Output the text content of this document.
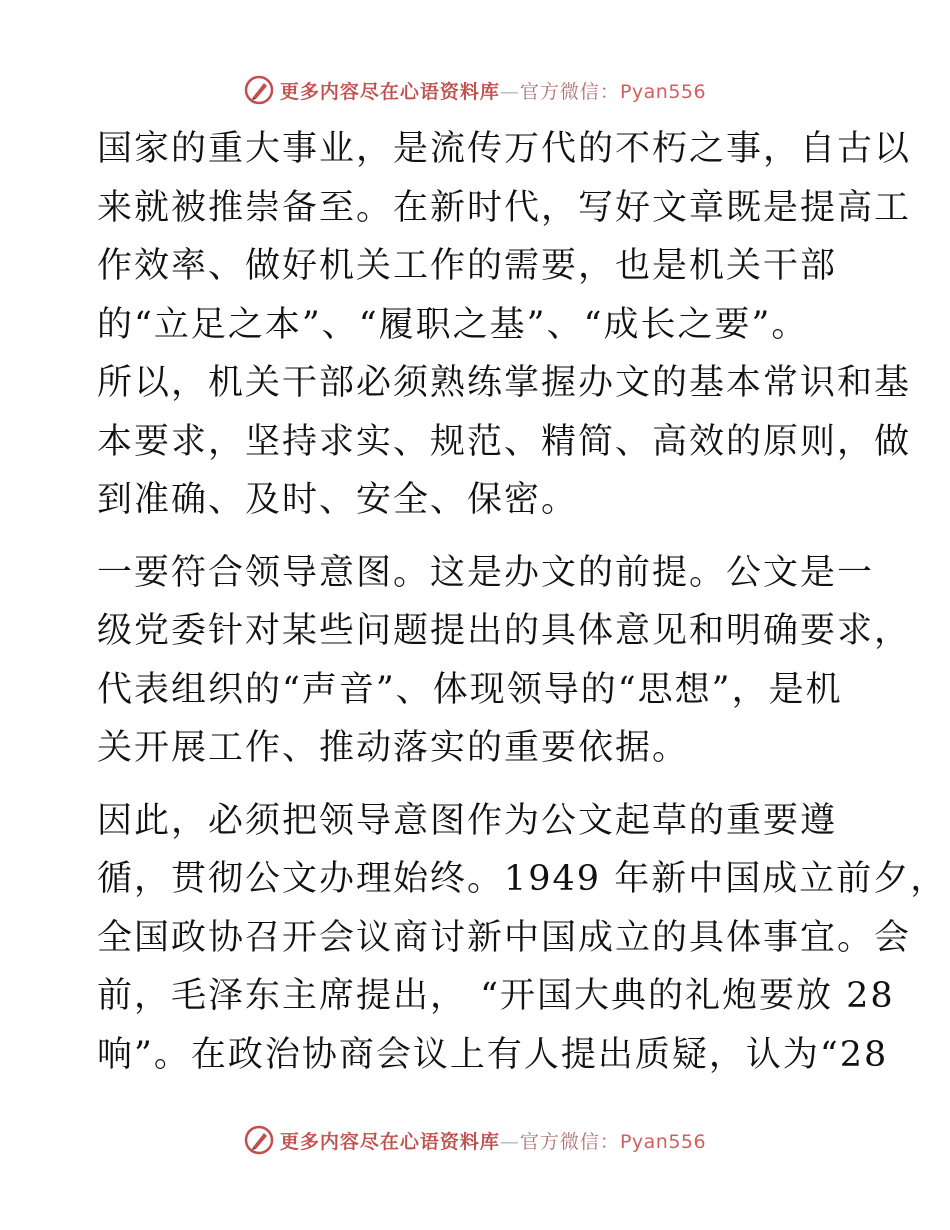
更多内容尽在心语资料库—官方微信：Pyan556

国家的重大事业，是流传万代的不朽之事，自古以
来就被推崇备至。在新时代，写好文章既是提高工
作效率、做好机关工作的需要，也是机关干部
的“立足之本”、“履职之基”、“成长之要”。
所以，机关干部必须熟练掌握办文的基本常识和基
本要求，坚持求实、规范、精简、高效的原则，做
到准确、及时、安全、保密。

一要符合领导意图。这是办文的前提。公文是一
级党委针对某些问题提出的具体意见和明确要求，
代表组织的“声音”、体现领导的“思想”，是机
关开展工作、推动落实的重要依据。

因此，必须把领导意图作为公文起草的重要遵
循，贯彻公文办理始终。1949 年新中国成立前夕，
全国政协召开会议商讨新中国成立的具体事宜。会
前，毛泽东主席提出， “开国大典的礼炮要放 28
响”。在政治协商会议上有人提出质疑，认为“28

更多内容尽在心语资料库—官方微信：Pyan556
